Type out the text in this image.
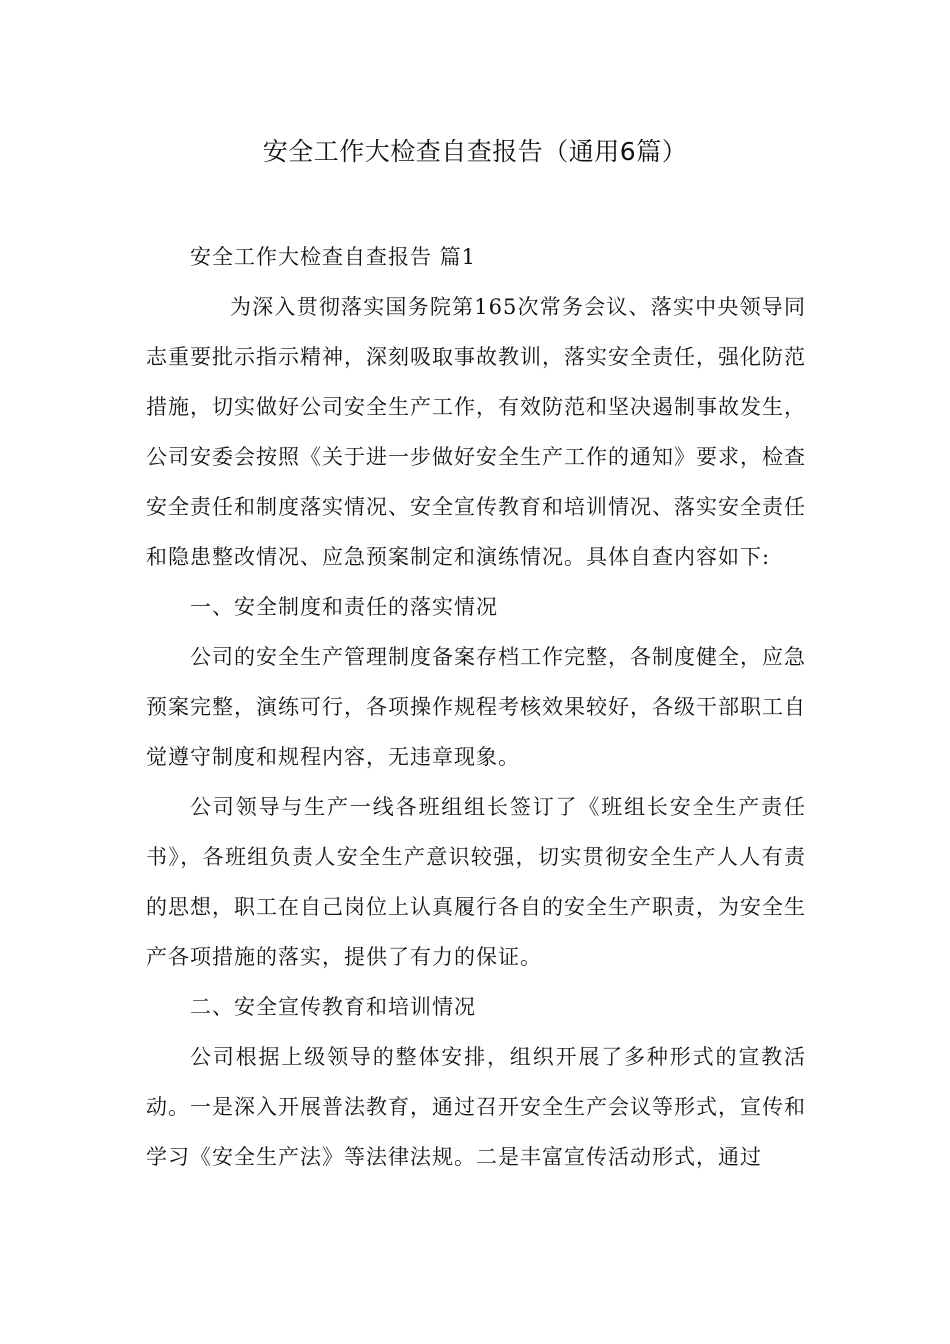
安全工作大检查自查报告（通用6篇）

安全工作大检查自查报告 篇1

为深入贯彻落实国务院第165次常务会议、落实中央领导同志重要批示指示精神，深刻吸取事故教训，落实安全责任，强化防范措施，切实做好公司安全生产工作，有效防范和坚决遏制事故发生，公司安委会按照《关于进一步做好安全生产工作的通知》要求，检查安全责任和制度落实情况、安全宣传教育和培训情况、落实安全责任和隐患整改情况、应急预案制定和演练情况。具体自查内容如下:

一、安全制度和责任的落实情况

公司的安全生产管理制度备案存档工作完整，各制度健全，应急预案完整，演练可行，各项操作规程考核效果较好，各级干部职工自觉遵守制度和规程内容，无违章现象。

公司领导与生产一线各班组组长签订了《班组长安全生产责任书》，各班组负责人安全生产意识较强，切实贯彻安全生产人人有责的思想，职工在自己岗位上认真履行各自的安全生产职责，为安全生产各项措施的落实，提供了有力的保证。

二、安全宣传教育和培训情况

公司根据上级领导的整体安排，组织开展了多种形式的宣教活动。一是深入开展普法教育，通过召开安全生产会议等形式，宣传和学习《安全生产法》等法律法规。二是丰富宣传活动形式，通过
